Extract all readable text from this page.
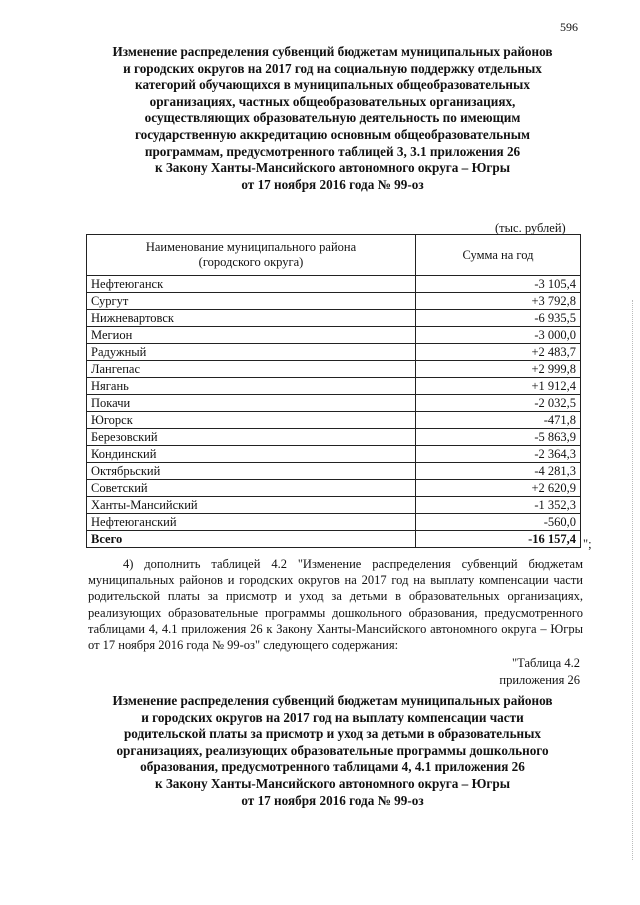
596
Изменение распределения субвенций бюджетам муниципальных районов
и городских округов на 2017 год на социальную поддержку отдельных
категорий обучающихся в муниципальных общеобразовательных
организациях, частных общеобразовательных организациях,
осуществляющих образовательную деятельность по имеющим
государственную аккредитацию основным общеобразовательным
программам, предусмотренного таблицей 3, 3.1 приложения 26
к Закону Ханты-Мансийского автономного округа – Югры
от 17 ноября 2016 года № 99-оз
(тыс. рублей)
Наименование муниципального района
(городского округа)	Сумма на год
Нефтеюганск	-3 105,4
Сургут	+3 792,8
Нижневартовск	-6 935,5
Мегион	-3 000,0
Радужный	+2 483,7
Лангепас	+2 999,8
Нягань	+1 912,4
Покачи	-2 032,5
Югорск	-471,8
Березовский	-5 863,9
Кондинский	-2 364,3
Октябрьский	-4 281,3
Советский	+2 620,9
Ханты-Мансийский	-1 352,3
Нефтеюганский	-560,0
Всего	-16 157,4 ";
4) дополнить таблицей 4.2 "Изменение распределения субвенций бюджетам муниципальных районов и городских округов на 2017 год на выплату компенсации части родительской платы за присмотр и уход за детьми в образовательных организациях, реализующих образовательные программы дошкольного образования, предусмотренного таблицами 4, 4.1 приложения 26 к Закону Ханты-Мансийского автономного округа – Югры от 17 ноября 2016 года № 99-оз" следующего содержания:
"Таблица 4.2
приложения 26
Изменение распределения субвенций бюджетам муниципальных районов
и городских округов на 2017 год на выплату компенсации части
родительской платы за присмотр и уход за детьми в образовательных
организациях, реализующих образовательные программы дошкольного
образования, предусмотренного таблицами 4, 4.1 приложения 26
к Закону Ханты-Мансийского автономного округа – Югры
от 17 ноября 2016 года № 99-оз
